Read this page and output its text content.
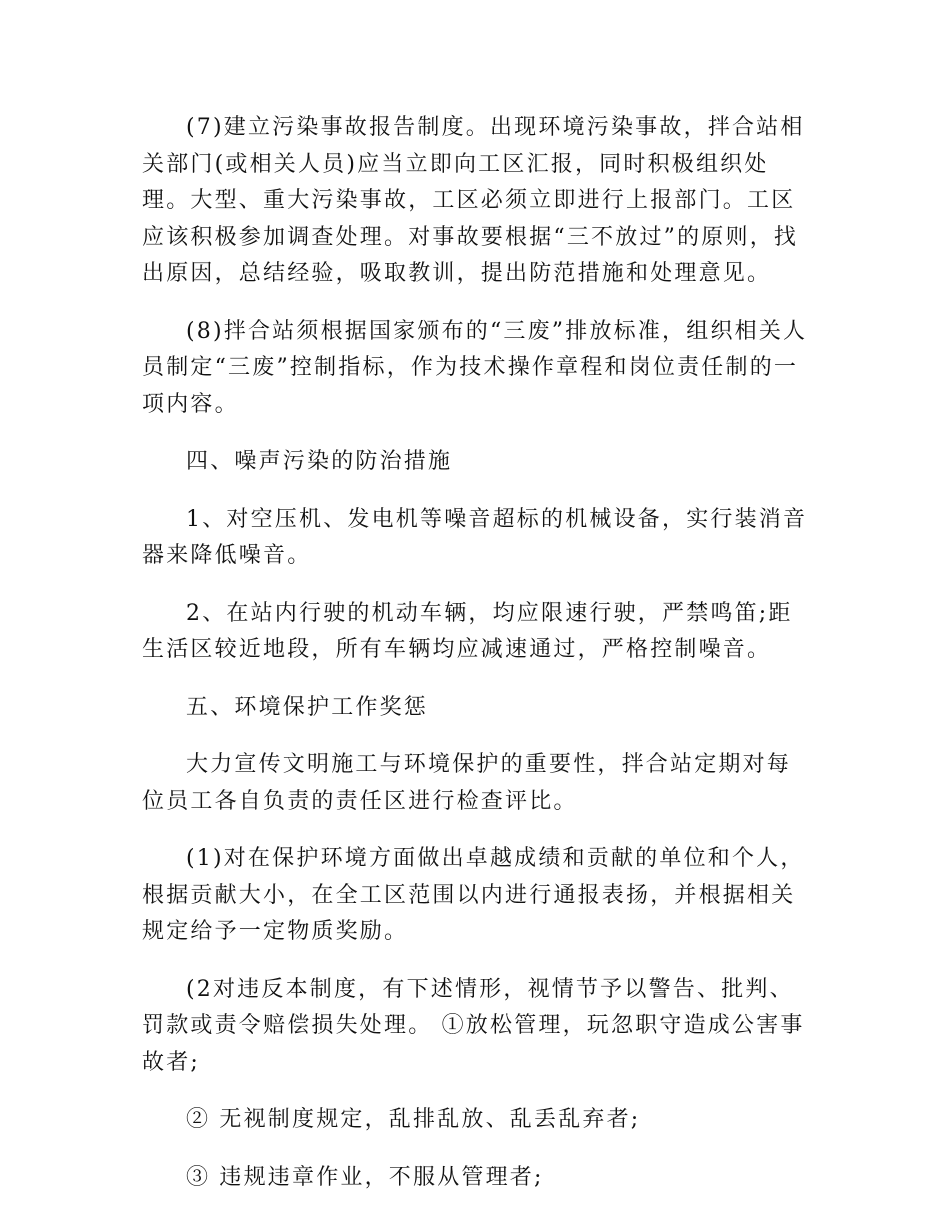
(7)建立污染事故报告制度。出现环境污染事故，拌合站相关部门(或相关人员)应当立即向工区汇报，同时积极组织处理。大型、重大污染事故，工区必须立即进行上报部门。工区应该积极参加调查处理。对事故要根据“三不放过”的原则，找出原因，总结经验，吸取教训，提出防范措施和处理意见。

(8)拌合站须根据国家颁布的“三废”排放标准，组织相关人员制定“三废”控制指标，作为技术操作章程和岗位责任制的一项内容。

四、噪声污染的防治措施

1、对空压机、发电机等噪音超标的机械设备，实行装消音器来降低噪音。

2、在站内行驶的机动车辆，均应限速行驶，严禁鸣笛;距生活区较近地段，所有车辆均应减速通过，严格控制噪音。

五、环境保护工作奖惩

大力宣传文明施工与环境保护的重要性，拌合站定期对每位员工各自负责的责任区进行检查评比。

(1)对在保护环境方面做出卓越成绩和贡献的单位和个人，根据贡献大小，在全工区范围以内进行通报表扬，并根据相关规定给予一定物质奖励。

(2对违反本制度，有下述情形，视情节予以警告、批判、罚款或责令赔偿损失处理。 ①放松管理，玩忽职守造成公害事故者;

② 无视制度规定，乱排乱放、乱丢乱弃者;

③ 违规违章作业，不服从管理者;
